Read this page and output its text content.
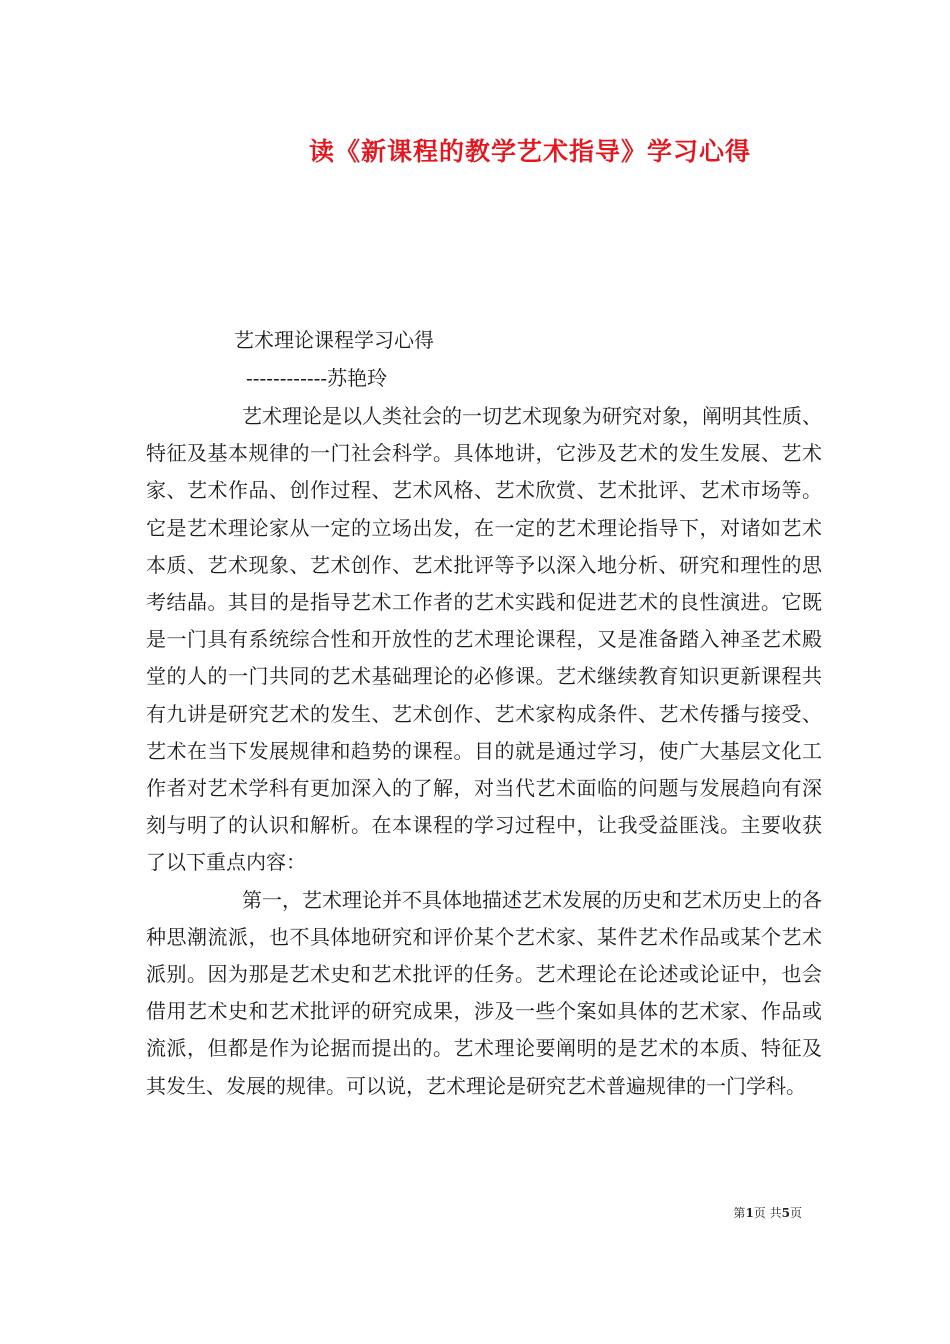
读《新课程的教学艺术指导》学习心得
艺术理论课程学习心得
------------苏艳玲

艺术理论是以人类社会的一切艺术现象为研究对象，阐明其性质、特征及基本规律的一门社会科学。具体地讲，它涉及艺术的发生发展、艺术家、艺术作品、创作过程、艺术风格、艺术欣赏、艺术批评、艺术市场等。它是艺术理论家从一定的立场出发，在一定的艺术理论指导下，对诸如艺术本质、艺术现象、艺术创作、艺术批评等予以深入地分析、研究和理性的思考结晶。其目的是指导艺术工作者的艺术实践和促进艺术的良性演进。它既是一门具有系统综合性和开放性的艺术理论课程，又是准备踏入神圣艺术殿堂的人的一门共同的艺术基础理论的必修课。艺术继续教育知识更新课程共有九讲是研究艺术的发生、艺术创作、艺术家构成条件、艺术传播与接受、艺术在当下发展规律和趋势的课程。目的就是通过学习，使广大基层文化工作者对艺术学科有更加深入的了解，对当代艺术面临的问题与发展趋向有深刻与明了的认识和解析。在本课程的学习过程中，让我受益匪浅。主要收获了以下重点内容：

第一，艺术理论并不具体地描述艺术发展的历史和艺术历史上的各种思潮流派，也不具体地研究和评价某个艺术家、某件艺术作品或某个艺术派别。因为那是艺术史和艺术批评的任务。艺术理论在论述或论证中，也会借用艺术史和艺术批评的研究成果，涉及一些个案如具体的艺术家、作品或流派，但都是作为论据而提出的。艺术理论要阐明的是艺术的本质、特征及其发生、发展的规律。可以说，艺术理论是研究艺术普遍规律的一门学科。

第1页 共5页
